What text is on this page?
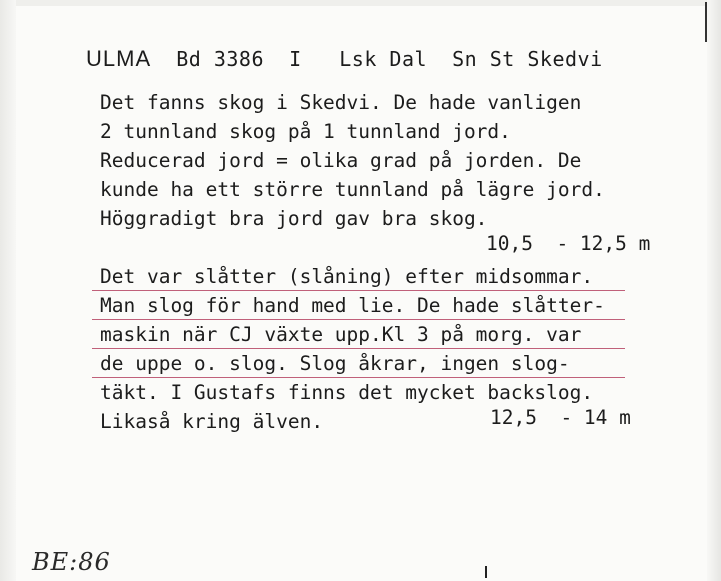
ULMA Bd 3386  I   Lsk Dal  Sn St Skedvi
Det fanns skog i Skedvi. De hade vanligen
2 tunnland skog på 1 tunnland jord.
Reducerad jord = olika grad på jorden. De
kunde ha ett större tunnland på lägre jord.
Höggradigt bra jord gav bra skog.
Det var slåtter (slåning) efter midsommar.
Man slog för hand med lie. De hade slåtter-
maskin när CJ växte upp.Kl 3 på morg. var
de uppe o. slog. Slog åkrar, ingen slog-
täkt. I Gustafs finns det mycket backslog.
Likaså kring älven.
10,5  - 12,5 m
12,5  - 14 m
BE:86
